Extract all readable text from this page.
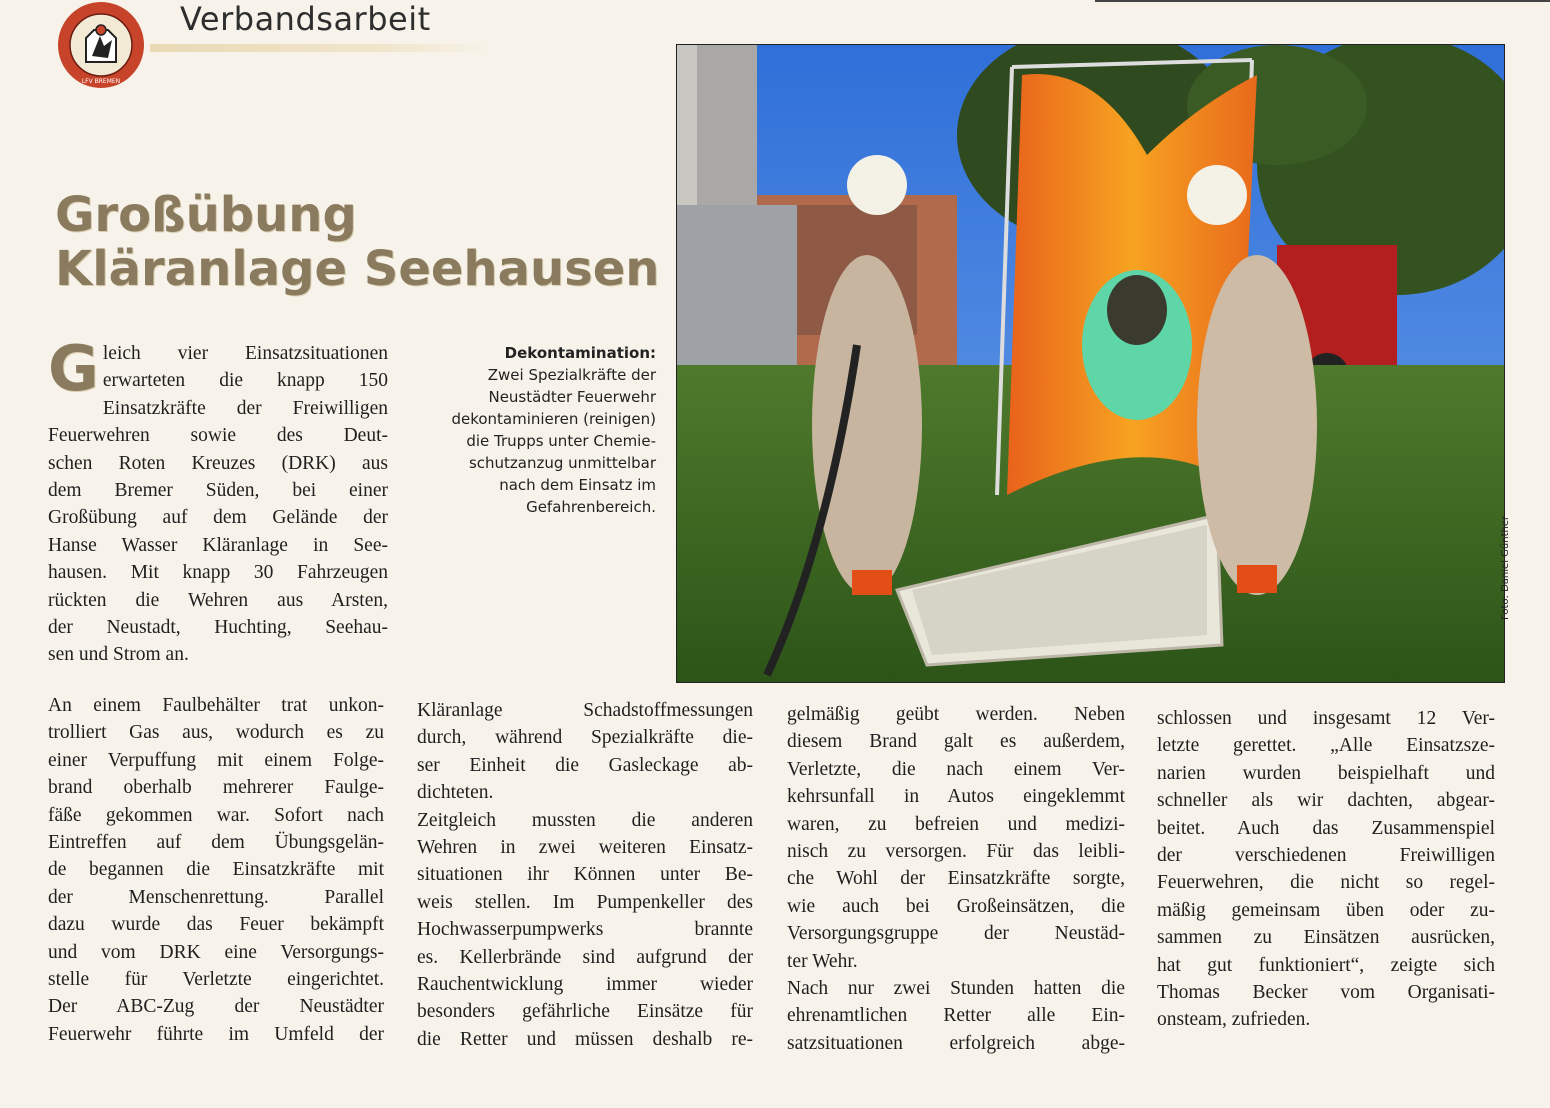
LFV BREMEN
Verbandsarbeit
Großübung
Kläranlage Seehausen
Foto: Daniel Günther
Dekontamination:
Zwei Spezialkräfte der
Neustädter Feuerwehr
dekontaminieren (reinigen)
die Trupps unter Chemie-
schutzanzug unmittelbar
nach dem Einsatz im
Gefahrenbereich.
G leich vier Einsatzsituationen
erwarteten die knapp 150
Einsatzkräfte der Freiwilligen
Feuerwehren sowie des Deut-
schen Roten Kreuzes (DRK) aus
dem Bremer Süden, bei einer
Großübung auf dem Gelände der
Hanse Wasser Kläranlage in See-
hausen. Mit knapp 30 Fahrzeugen
rückten die Wehren aus Arsten,
der Neustadt, Huchting, Seehau-
sen und Strom an.
An einem Faulbehälter trat unkon-
trolliert Gas aus, wodurch es zu
einer Verpuffung mit einem Folge-
brand oberhalb mehrerer Faulge-
fäße gekommen war. Sofort nach
Eintreffen auf dem Übungsgelän-
de begannen die Einsatzkräfte mit
der Menschenrettung. Parallel
dazu wurde das Feuer bekämpft
und vom DRK eine Versorgungs-
stelle für Verletzte eingerichtet.
Der ABC-Zug der Neustädter
Feuerwehr führte im Umfeld der
Kläranlage Schadstoffmessungen
durch, während Spezialkräfte die-
ser Einheit die Gasleckage ab-
dichteten.
Zeitgleich mussten die anderen
Wehren in zwei weiteren Einsatz-
situationen ihr Können unter Be-
weis stellen. Im Pumpenkeller des
Hochwasserpumpwerks brannte
es. Kellerbrände sind aufgrund der
Rauchentwicklung immer wieder
besonders gefährliche Einsätze für
die Retter und müssen deshalb re-
gelmäßig geübt werden. Neben
diesem Brand galt es außerdem,
Verletzte, die nach einem Ver-
kehrsunfall in Autos eingeklemmt
waren, zu befreien und medizi-
nisch zu versorgen. Für das leibli-
che Wohl der Einsatzkräfte sorgte,
wie auch bei Großeinsätzen, die
Versorgungsgruppe der Neustäd-
ter Wehr.
Nach nur zwei Stunden hatten die
ehrenamtlichen Retter alle Ein-
satzsituationen erfolgreich abge-
schlossen und insgesamt 12 Ver-
letzte gerettet. „Alle Einsatzsze-
narien wurden beispielhaft und
schneller als wir dachten, abgear-
beitet. Auch das Zusammenspiel
der verschiedenen Freiwilligen
Feuerwehren, die nicht so regel-
mäßig gemeinsam üben oder zu-
sammen zu Einsätzen ausrücken,
hat gut funktioniert“, zeigte sich
Thomas Becker vom Organisati-
onsteam, zufrieden.
